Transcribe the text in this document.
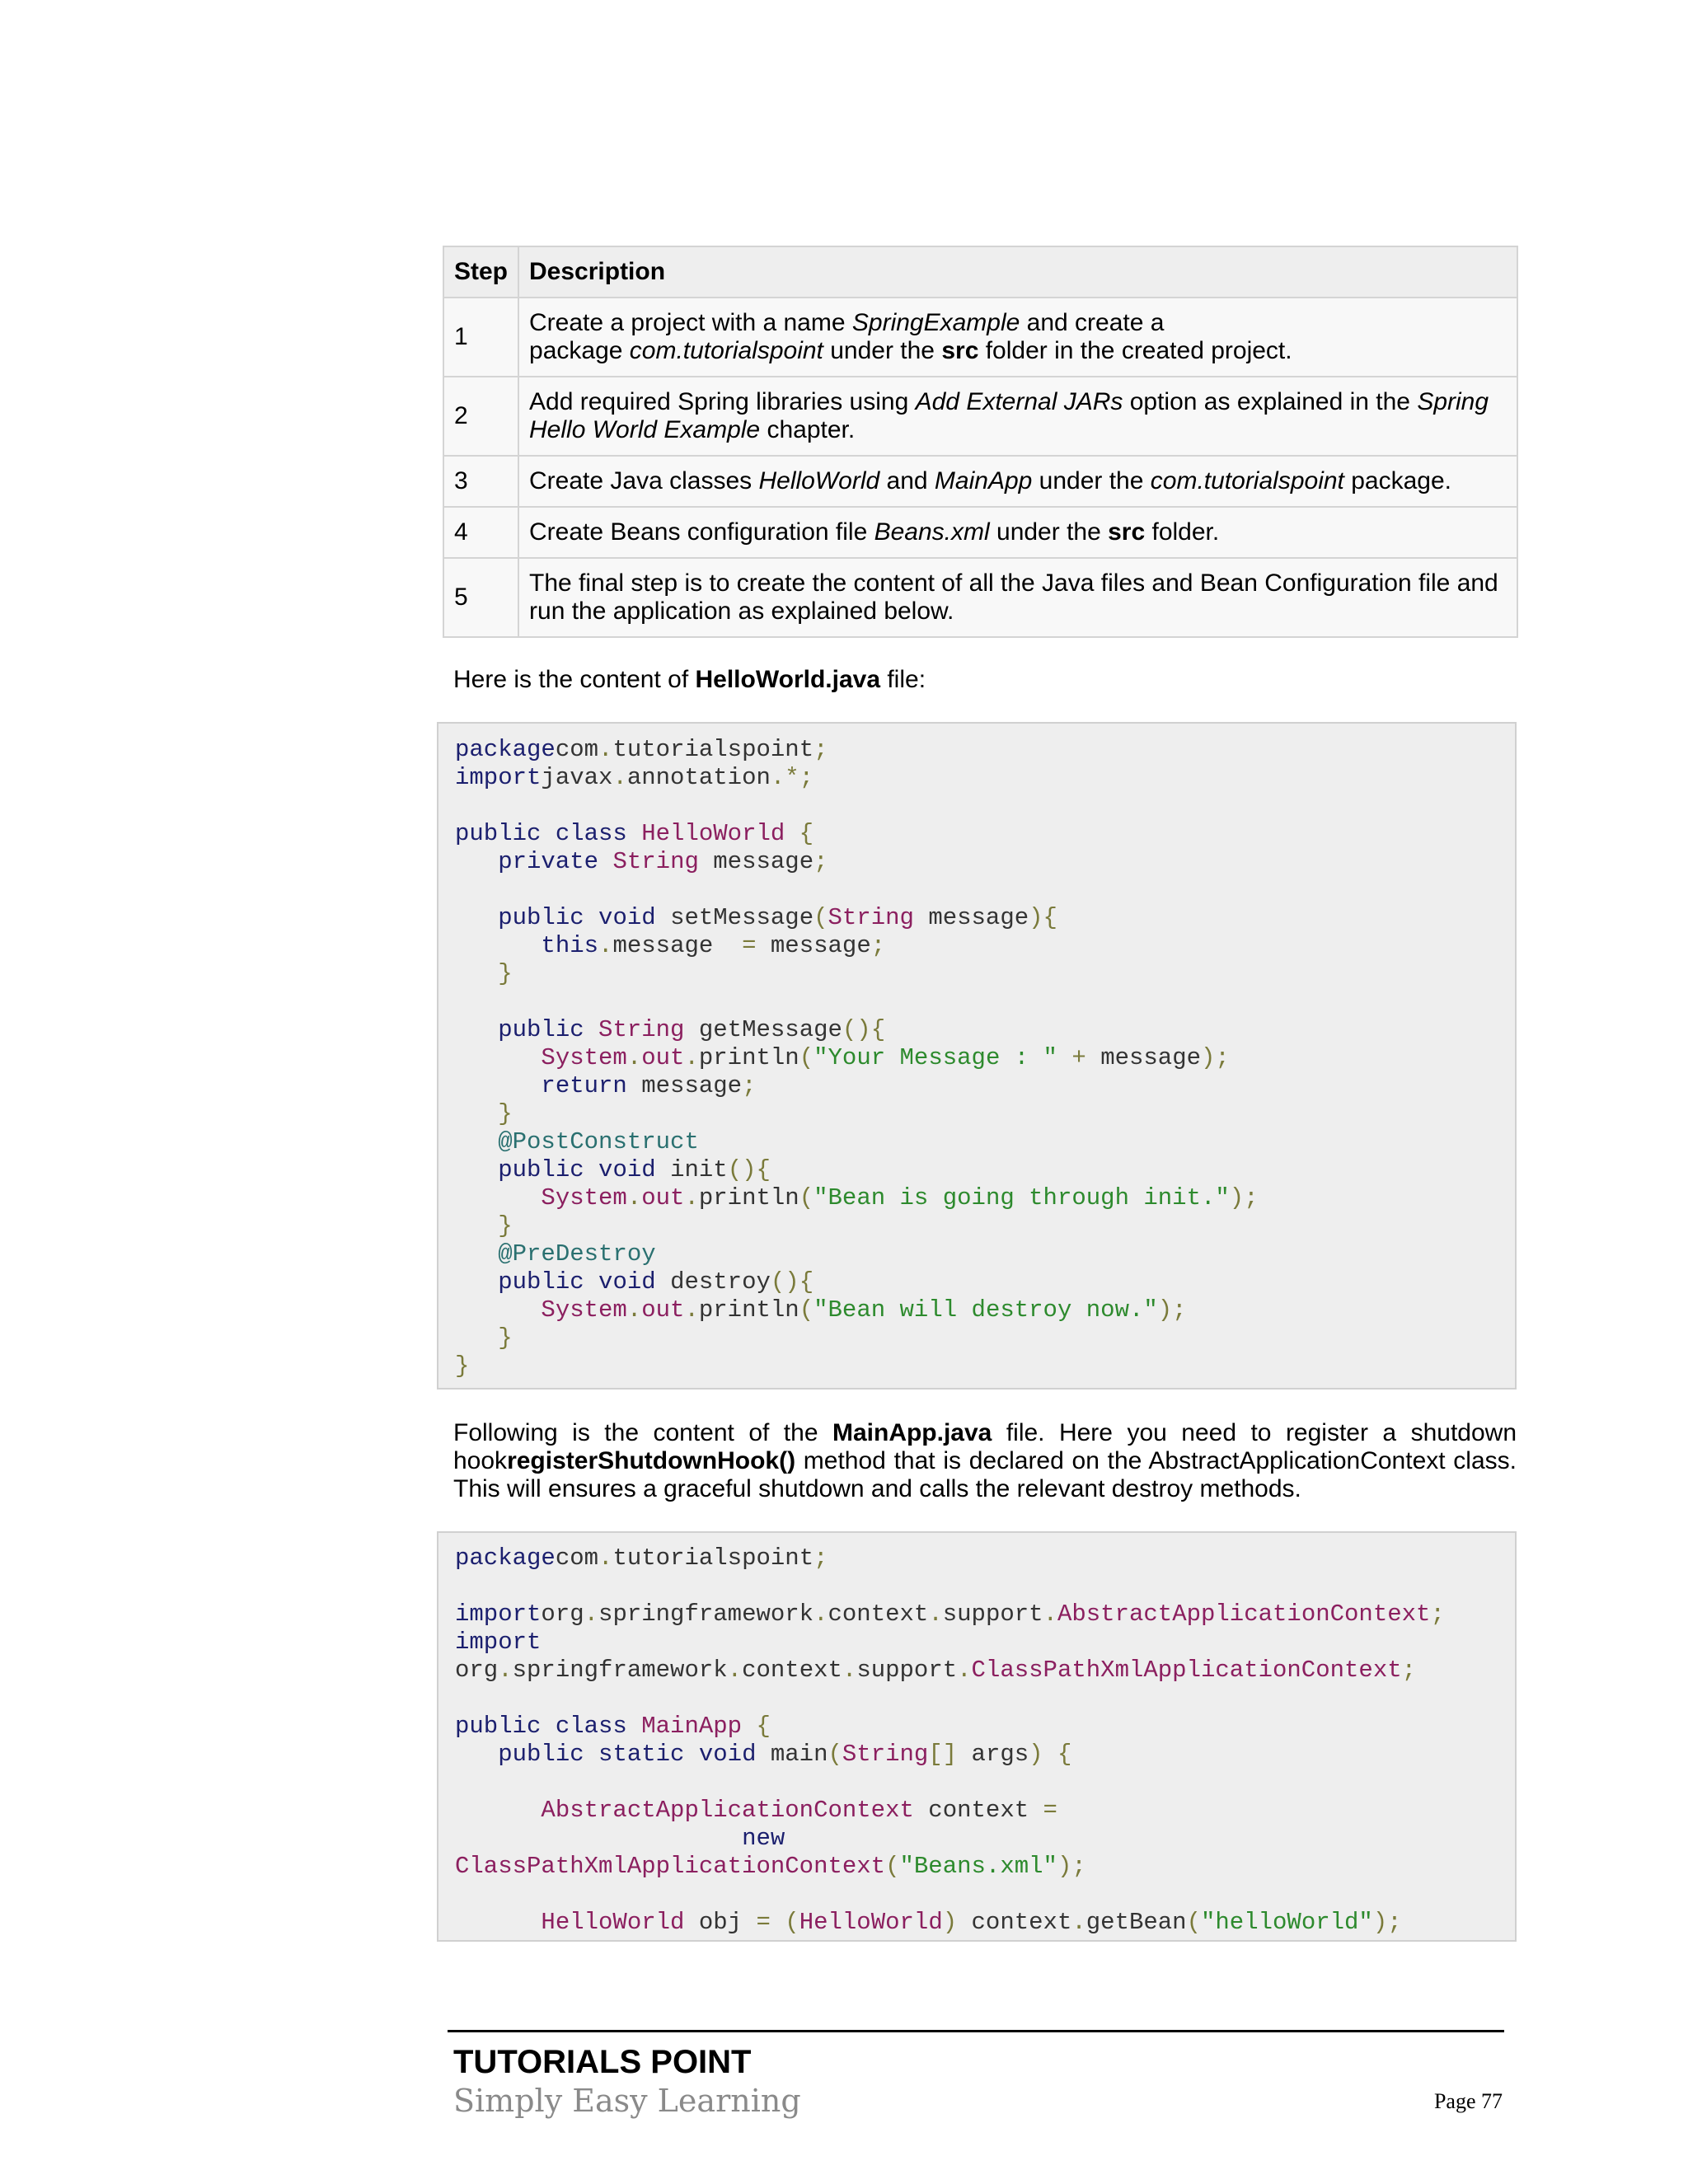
Step	Description
1	Create a project with a name SpringExample and create a
package com.tutorialspoint under the src folder in the created project.
2	Add required Spring libraries using Add External JARs option as explained in the Spring Hello World Example chapter.
3	Create Java classes HelloWorld and MainApp under the com.tutorialspoint package.
4	Create Beans configuration file Beans.xml under the src folder.
5	The final step is to create the content of all the Java files and Bean Configuration file and run the application as explained below.

Here is the content of HelloWorld.java file:

packagecom.tutorialspoint;
importjavax.annotation.*;

public class HelloWorld {
private String message;

public void setMessage(String message){
this.message  = message;
}

public String getMessage(){
System.out.println("Your Message : " + message);
return message;
}
@PostConstruct
public void init(){
System.out.println("Bean is going through init.");
}
@PreDestroy
public void destroy(){
System.out.println("Bean will destroy now.");
}
}

Following is the content of the MainApp.java file. Here you need to register a shutdown hookregisterShutdownHook() method that is declared on the AbstractApplicationContext class. This will ensures a graceful shutdown and calls the relevant destroy methods.

packagecom.tutorialspoint;

importorg.springframework.context.support.AbstractApplicationContext;
import
org.springframework.context.support.ClassPathXmlApplicationContext;

public class MainApp {
public static void main(String[] args) {

AbstractApplicationContext context =
new
ClassPathXmlApplicationContext("Beans.xml");

HelloWorld obj = (HelloWorld) context.getBean("helloWorld");

TUTORIALS POINT

Simply Easy Learning	Page 77
